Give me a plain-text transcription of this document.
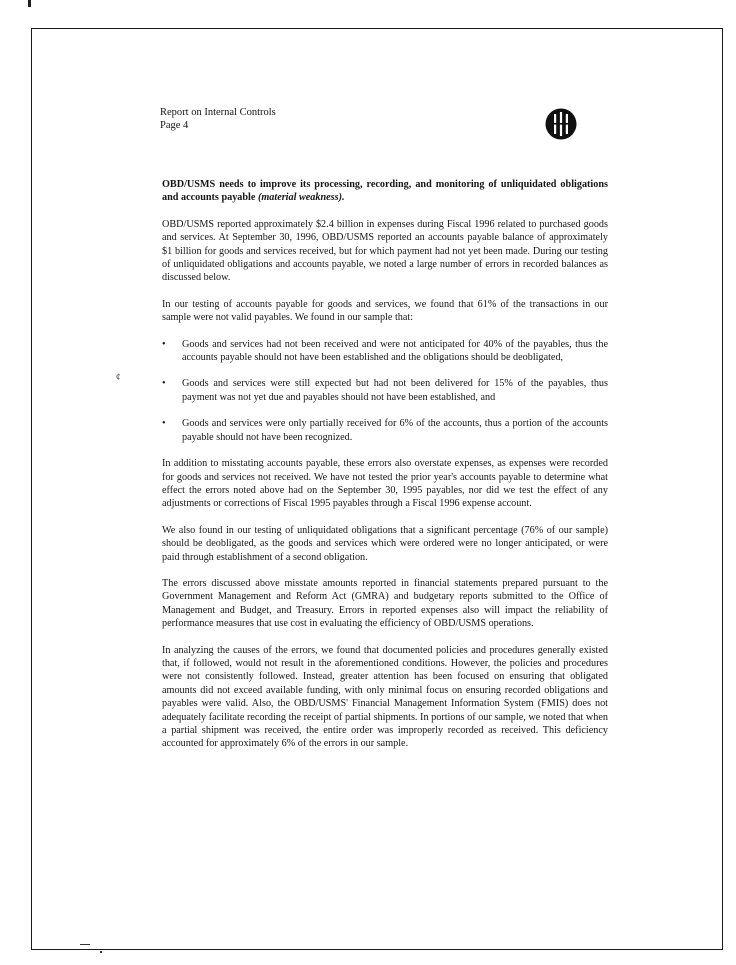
Report on Internal Controls
Page 4
ȼ
OBD/USMS needs to improve its processing, recording, and monitoring of unliquidated obligations and accounts payable (material weakness).

OBD/USMS reported approximately $2.4 billion in expenses during Fiscal 1996 related to purchased goods and services. At September 30, 1996, OBD/USMS reported an accounts payable balance of approximately $1 billion for goods and services received, but for which payment had not yet been made. During our testing of unliquidated obligations and accounts payable, we noted a large number of errors in recorded balances as discussed below.

In our testing of accounts payable for goods and services, we found that 61% of the transactions in our sample were not valid payables. We found in our sample that:

• Goods and services had not been received and were not anticipated for 40% of the payables, thus the accounts payable should not have been established and the obligations should be deobligated,
• Goods and services were still expected but had not been delivered for 15% of the payables, thus payment was not yet due and payables should not have been established, and
• Goods and services were only partially received for 6% of the accounts, thus a portion of the accounts payable should not have been recognized.

In addition to misstating accounts payable, these errors also overstate expenses, as expenses were recorded for goods and services not received. We have not tested the prior year's accounts payable to determine what effect the errors noted above had on the September 30, 1995 payables, nor did we test the effect of any adjustments or corrections of Fiscal 1995 payables through a Fiscal 1996 expense account.

We also found in our testing of unliquidated obligations that a significant percentage (76% of our sample) should be deobligated, as the goods and services which were ordered were no longer anticipated, or were paid through establishment of a second obligation.

The errors discussed above misstate amounts reported in financial statements prepared pursuant to the Government Management and Reform Act (GMRA) and budgetary reports submitted to the Office of Management and Budget, and Treasury. Errors in reported expenses also will impact the reliability of performance measures that use cost in evaluating the efficiency of OBD/USMS operations.

In analyzing the causes of the errors, we found that documented policies and procedures generally existed that, if followed, would not result in the aforementioned conditions. However, the policies and procedures were not consistently followed. Instead, greater attention has been focused on ensuring that obligated amounts did not exceed available funding, with only minimal focus on ensuring recorded obligations and payables were valid. Also, the OBD/USMS' Financial Management Information System (FMIS) does not adequately facilitate recording the receipt of partial shipments. In portions of our sample, we noted that when a partial shipment was received, the entire order was improperly recorded as received. This deficiency accounted for approximately 6% of the errors in our sample.
